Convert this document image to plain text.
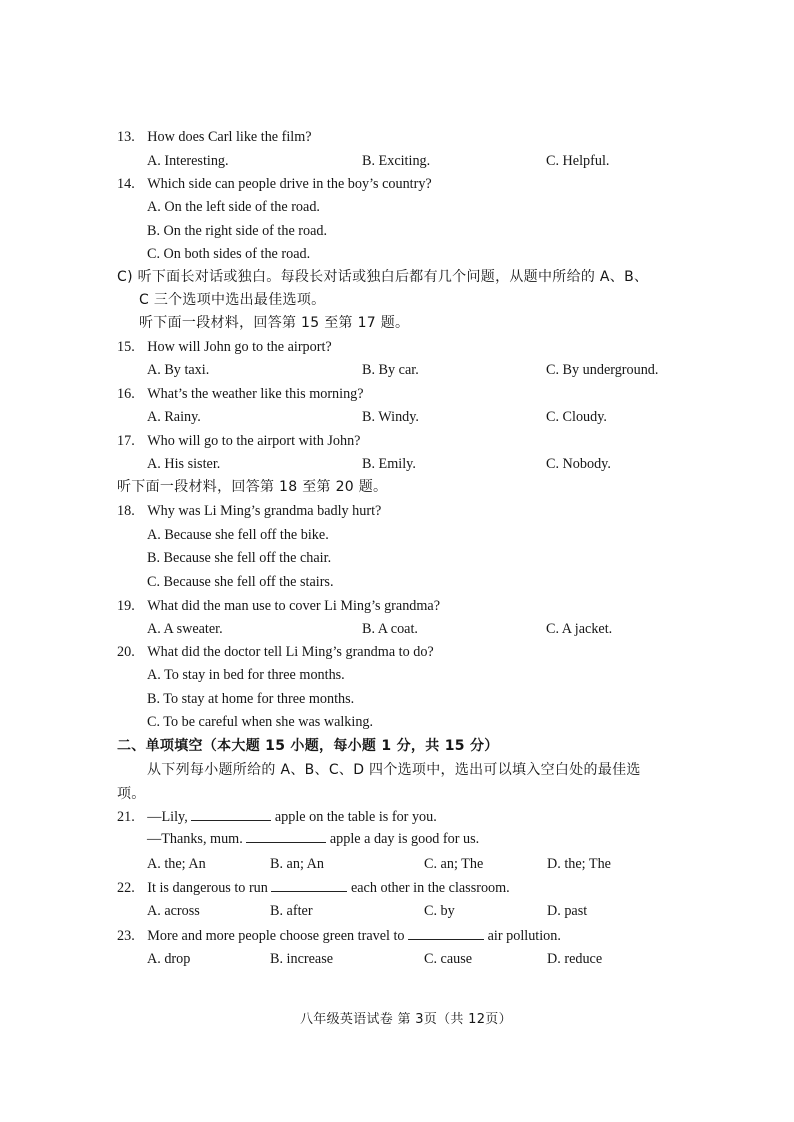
13. How does Carl like the film?
A. Interesting.	B. Exciting.	C. Helpful.
14. Which side can people drive in the boy’s country?
A. On the left side of the road.
B. On the right side of the road.
C. On both sides of the road.
C) 听下面长对话或独白。每段长对话或独白后都有几个问题，从题中所给的 A、B、
C 三个选项中选出最佳选项。
听下面一段材料，回答第 15 至第 17 题。
15. How will John go to the airport?
A. By taxi.	B. By car.	C. By underground.
16. What’s the weather like this morning?
A. Rainy.	B. Windy.	C. Cloudy.
17. Who will go to the airport with John?
A. His sister.	B. Emily.	C. Nobody.
听下面一段材料，回答第 18 至第 20 题。
18. Why was Li Ming’s grandma badly hurt?
A. Because she fell off the bike.
B. Because she fell off the chair.
C. Because she fell off the stairs.
19. What did the man use to cover Li Ming’s grandma?
A. A sweater.	B. A coat.	C. A jacket.
20. What did the doctor tell Li Ming’s grandma to do?
A. To stay in bed for three months.
B. To stay at home for three months.
C. To be careful when she was walking.
二、单项填空（本大题 15 小题，每小题 1 分，共 15 分）
从下列每小题所给的 A、B、C、D 四个选项中，选出可以填入空白处的最佳选
项。
21. —Lily,	apple on the table is for you.
—Thanks, mum.	apple a day is good for us.
A. the; An	B. an; An	C. an; The	D. the; The
22. It is dangerous to run	each other in the classroom.
A. across	B. after	C. by	D. past
23. More and more people choose green travel to	air pollution.
A. drop	B. increase	C. cause	D. reduce
八年级英语试卷 第 3页（共 12页）
